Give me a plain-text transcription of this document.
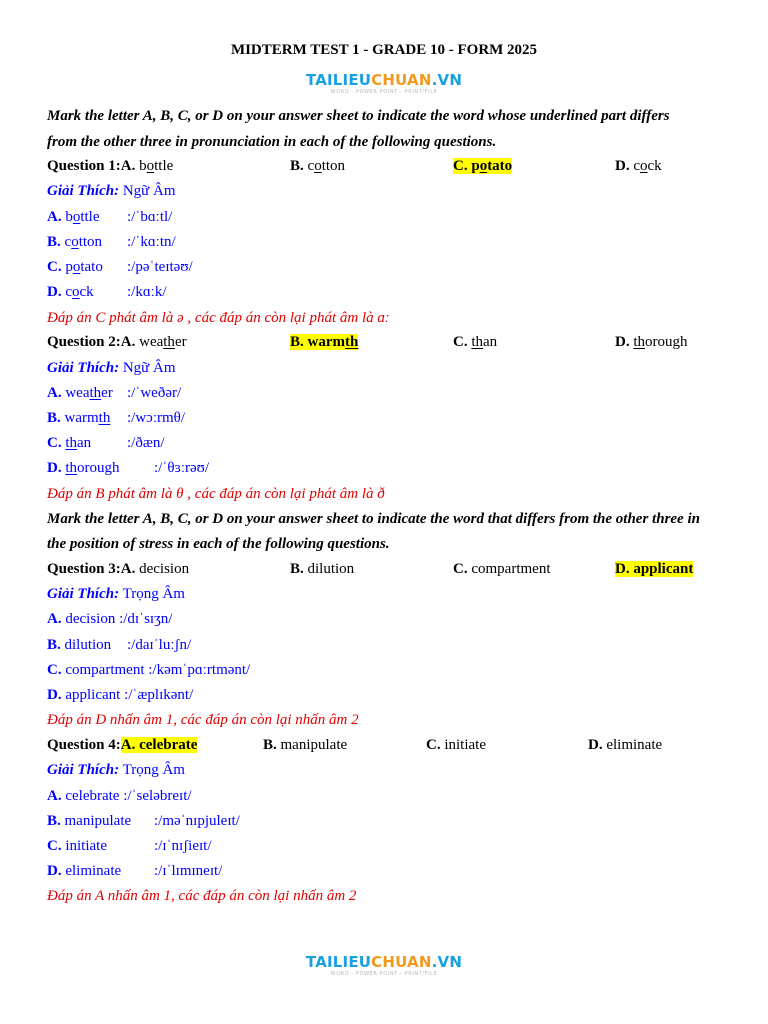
MIDTERM TEST 1 - GRADE 10 - FORM 2025
TAILIEUCHUAN.VN
WORD - POWER POINT - PRINT/FILE
Mark the letter A, B, C, or D on your answer sheet to indicate the word whose underlined part differs
from the other three in pronunciation in each of the following questions.
Question 1:A. bottle	B. cotton	C. potato	D. cock
Giải Thích: Ngữ Âm
A. bottle :/ˈbɑːtl/
B. cotton :/ˈkɑːtn/
C. potato :/pəˈteɪtəʊ/
D. cock :/kɑːk/
Đáp án C phát âm là ə , các đáp án còn lại phát âm là ɑː
Question 2:A. weather	B. warmth	C. than	D. thorough
Giải Thích: Ngữ Âm
A. weather :/ˈweðər/
B. warmth :/wɔːrmθ/
C. than :/ðæn/
D. thorough :/ˈθɜːrəʊ/
Đáp án B phát âm là θ , các đáp án còn lại phát âm là ð
Mark the letter A, B, C, or D on your answer sheet to indicate the word that differs from the other three in
the position of stress in each of the following questions.
Question 3:A. decision	B. dilution	C. compartment	D. applicant
Giải Thích: Trọng Âm
A. decision :/dɪˈsɪʒn/
B. dilution :/daɪˈluːʃn/
C. compartment :/kəmˈpɑːrtmənt/
D. applicant :/ˈæplɪkənt/
Đáp án D nhấn âm 1, các đáp án còn lại nhấn âm 2
Question 4:A. celebrate	B. manipulate	C. initiate	D. eliminate
Giải Thích: Trọng Âm
A. celebrate :/ˈseləbreɪt/
B. manipulate :/məˈnɪpjuleɪt/
C. initiate	:/ɪˈnɪʃieɪt/
D. eliminate :/ɪˈlɪmɪneɪt/
Đáp án A nhấn âm 1, các đáp án còn lại nhấn âm 2
TAILIEUCHUAN.VN
WORD - POWER POINT - PRINT/FILE
